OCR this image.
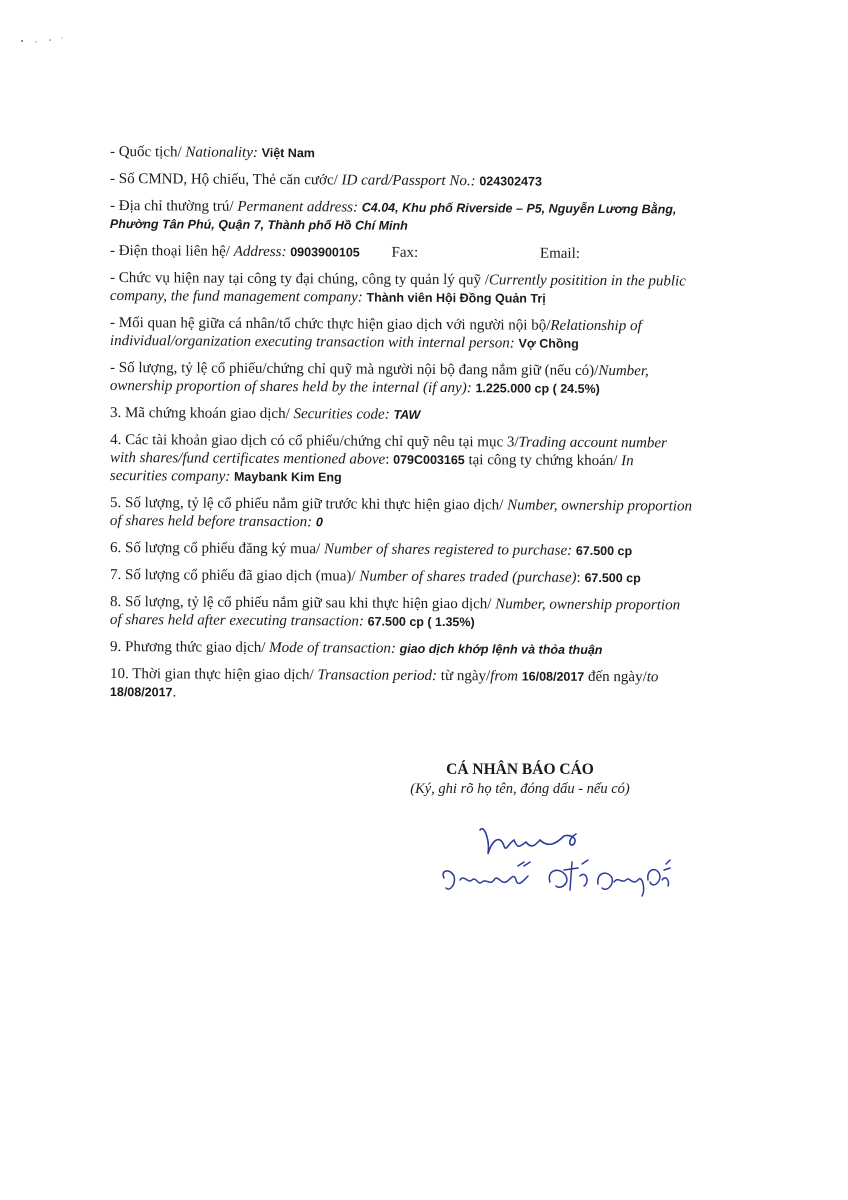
- Quốc tịch/ Nationality: Việt Nam

- Số CMND, Hộ chiếu, Thẻ căn cước/ ID card/Passport No.: 024302473

- Địa chỉ thường trú/ Permanent address: C4.04, Khu phố Riverside – P5, Nguyễn Lương Bằng,
Phường Tân Phú, Quận 7, Thành phố Hồ Chí Minh

- Điện thoại liên hệ/ Address: 0903900105 Fax:	Email:

- Chức vụ hiện nay tại công ty đại chúng, công ty quản lý quỹ /Currently positition in the public
company, the fund management company: Thành viên Hội Đồng Quản Trị

- Mối quan hệ giữa cá nhân/tổ chức thực hiện giao dịch với người nội bộ/Relationship of
individual/organization executing transaction with internal person: Vợ Chồng

- Số lượng, tỷ lệ cổ phiếu/chứng chỉ quỹ mà người nội bộ đang nắm giữ (nếu có)/Number,
ownership proportion of shares held by the internal (if any): 1.225.000 cp ( 24.5%)

3. Mã chứng khoán giao dịch/ Securities code: TAW

4. Các tài khoản giao dịch có cổ phiếu/chứng chỉ quỹ nêu tại mục 3/Trading account number
with shares/fund certificates mentioned above: 079C003165 tại công ty chứng khoán/ In
securities company: Maybank Kim Eng

5. Số lượng, tỷ lệ cổ phiếu nắm giữ trước khi thực hiện giao dịch/ Number, ownership proportion
of shares held before transaction: 0

6. Số lượng cổ phiếu đăng ký mua/ Number of shares registered to purchase: 67.500 cp

7. Số lượng cổ phiếu đã giao dịch (mua)/ Number of shares traded (purchase): 67.500 cp

8. Số lượng, tỷ lệ cổ phiếu nắm giữ sau khi thực hiện giao dịch/ Number, ownership proportion
of shares held after executing transaction: 67.500 cp ( 1.35%)

9. Phương thức giao dịch/ Mode of transaction: giao dịch khớp lệnh và thỏa thuận

10. Thời gian thực hiện giao dịch/ Transaction period: từ ngày/from 16/08/2017 đến ngày/to
18/08/2017.

CÁ NHÂN BÁO CÁO
(Ký, ghi rõ họ tên, đóng dấu - nếu có)
